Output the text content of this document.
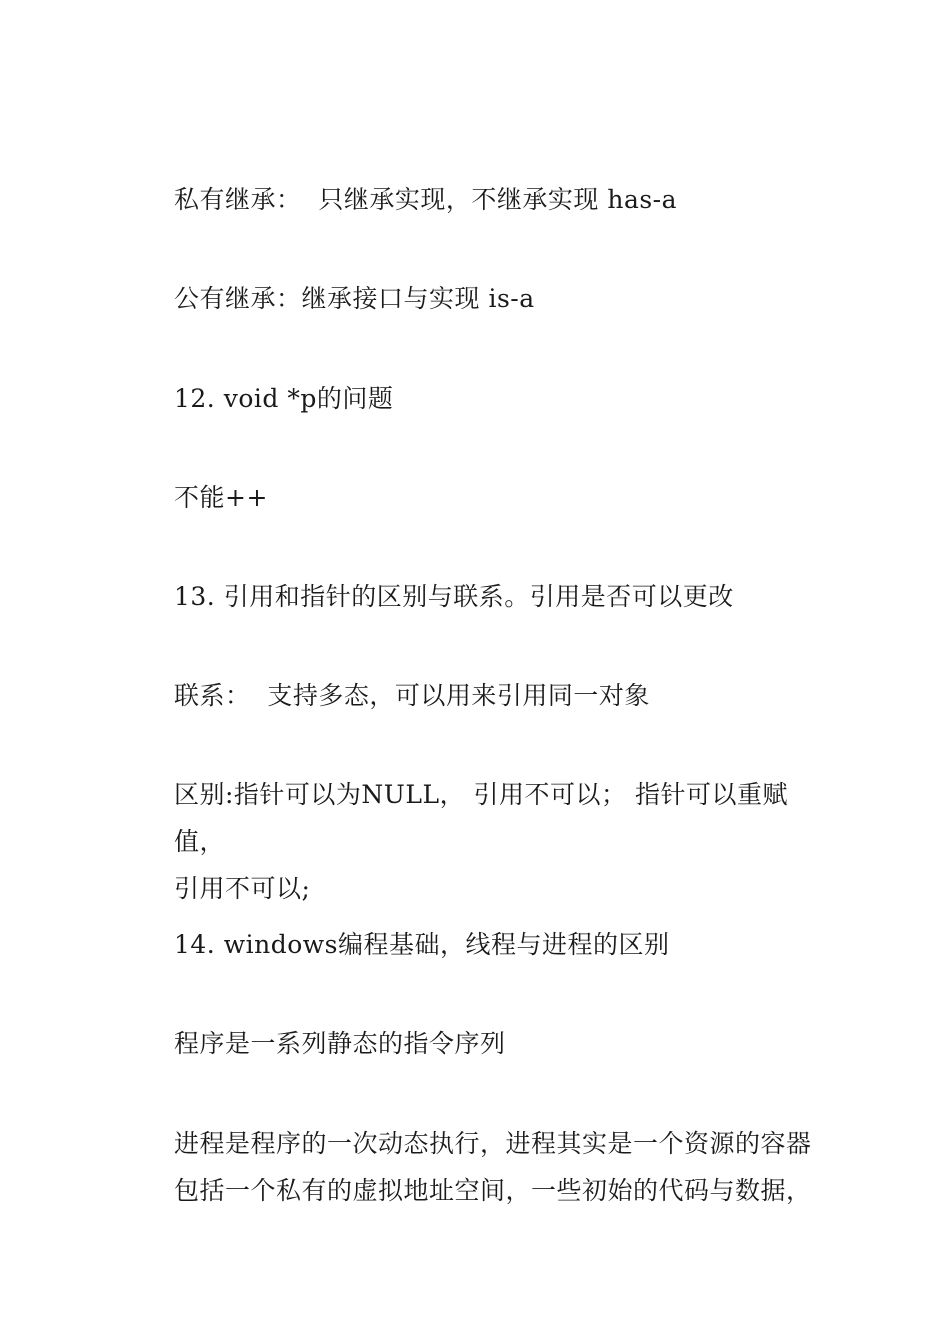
私有继承：  只继承实现，不继承实现 has-a
公有继承：继承接口与实现 is-a
12. void *p的问题
不能++
13. 引用和指针的区别与联系。引用是否可以更改
联系：  支持多态，可以用来引用同一对象
区别:指针可以为NULL， 引用不可以； 指针可以重赋值，
引用不可以;
14. windows编程基础，线程与进程的区别
程序是一系列静态的指令序列
进程是程序的一次动态执行，进程其实是一个资源的容器
包括一个私有的虚拟地址空间，一些初始的代码与数据，
